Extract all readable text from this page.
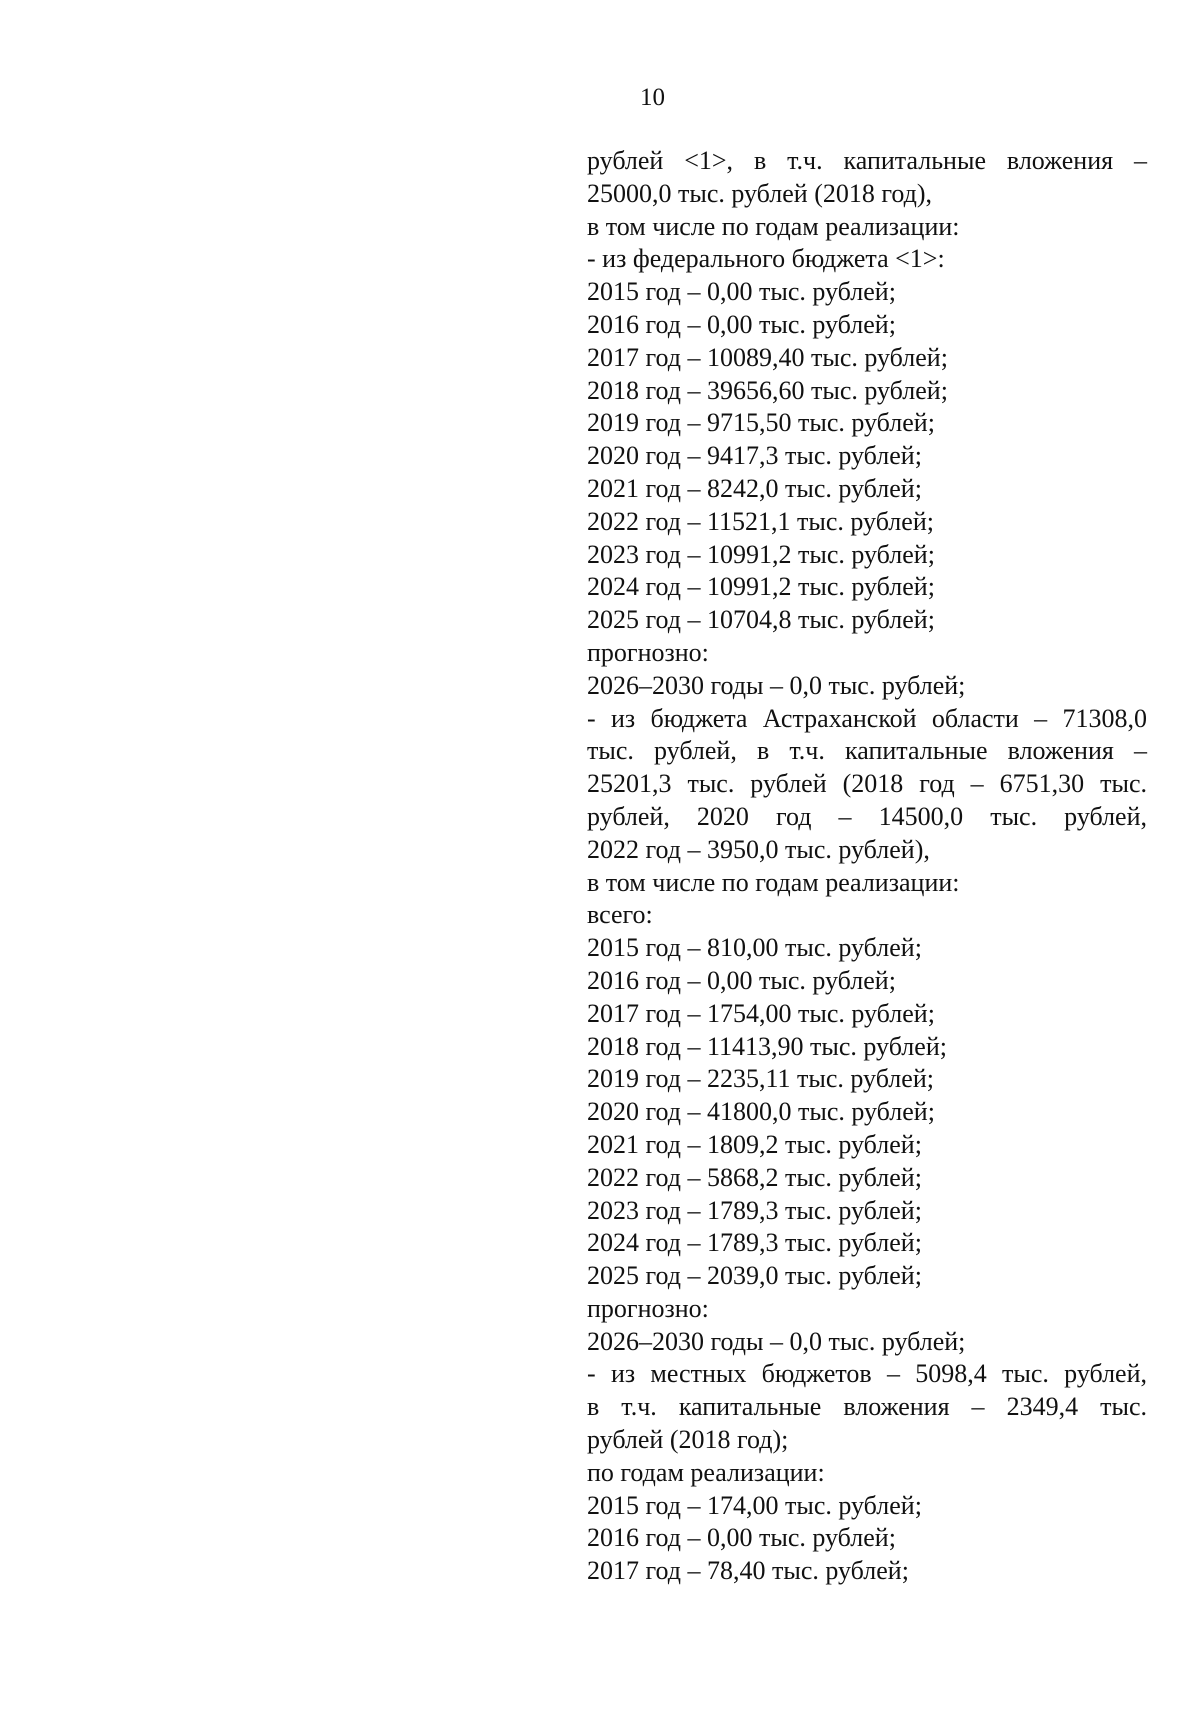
10
рублей <1>, в т.ч. капитальные вложения –
25000,0 тыс. рублей (2018 год),
в том числе по годам реализации:
- из федерального бюджета <1>:
2015 год – 0,00 тыс. рублей;
2016 год – 0,00 тыс. рублей;
2017 год – 10089,40 тыс. рублей;
2018 год – 39656,60 тыс. рублей;
2019 год – 9715,50 тыс. рублей;
2020 год – 9417,3 тыс. рублей;
2021 год – 8242,0 тыс. рублей;
2022 год – 11521,1 тыс. рублей;
2023 год – 10991,2 тыс. рублей;
2024 год – 10991,2 тыс. рублей;
2025 год – 10704,8 тыс. рублей;
прогнозно:
2026–2030 годы – 0,0 тыс. рублей;
- из бюджета Астраханской области – 71308,0
тыс. рублей, в т.ч. капитальные вложения –
25201,3 тыс. рублей (2018 год – 6751,30 тыс.
рублей, 2020 год – 14500,0 тыс. рублей,
2022 год – 3950,0 тыс. рублей),
в том числе по годам реализации:
всего:
2015 год – 810,00 тыс. рублей;
2016 год – 0,00 тыс. рублей;
2017 год – 1754,00 тыс. рублей;
2018 год – 11413,90 тыс. рублей;
2019 год – 2235,11 тыс. рублей;
2020 год – 41800,0 тыс. рублей;
2021 год – 1809,2 тыс. рублей;
2022 год – 5868,2 тыс. рублей;
2023 год – 1789,3 тыс. рублей;
2024 год – 1789,3 тыс. рублей;
2025 год – 2039,0 тыс. рублей;
прогнозно:
2026–2030 годы – 0,0 тыс. рублей;
- из местных бюджетов – 5098,4 тыс. рублей,
в т.ч. капитальные вложения – 2349,4 тыс.
рублей (2018 год);
по годам реализации:
2015 год – 174,00 тыс. рублей;
2016 год – 0,00 тыс. рублей;
2017 год – 78,40 тыс. рублей;
